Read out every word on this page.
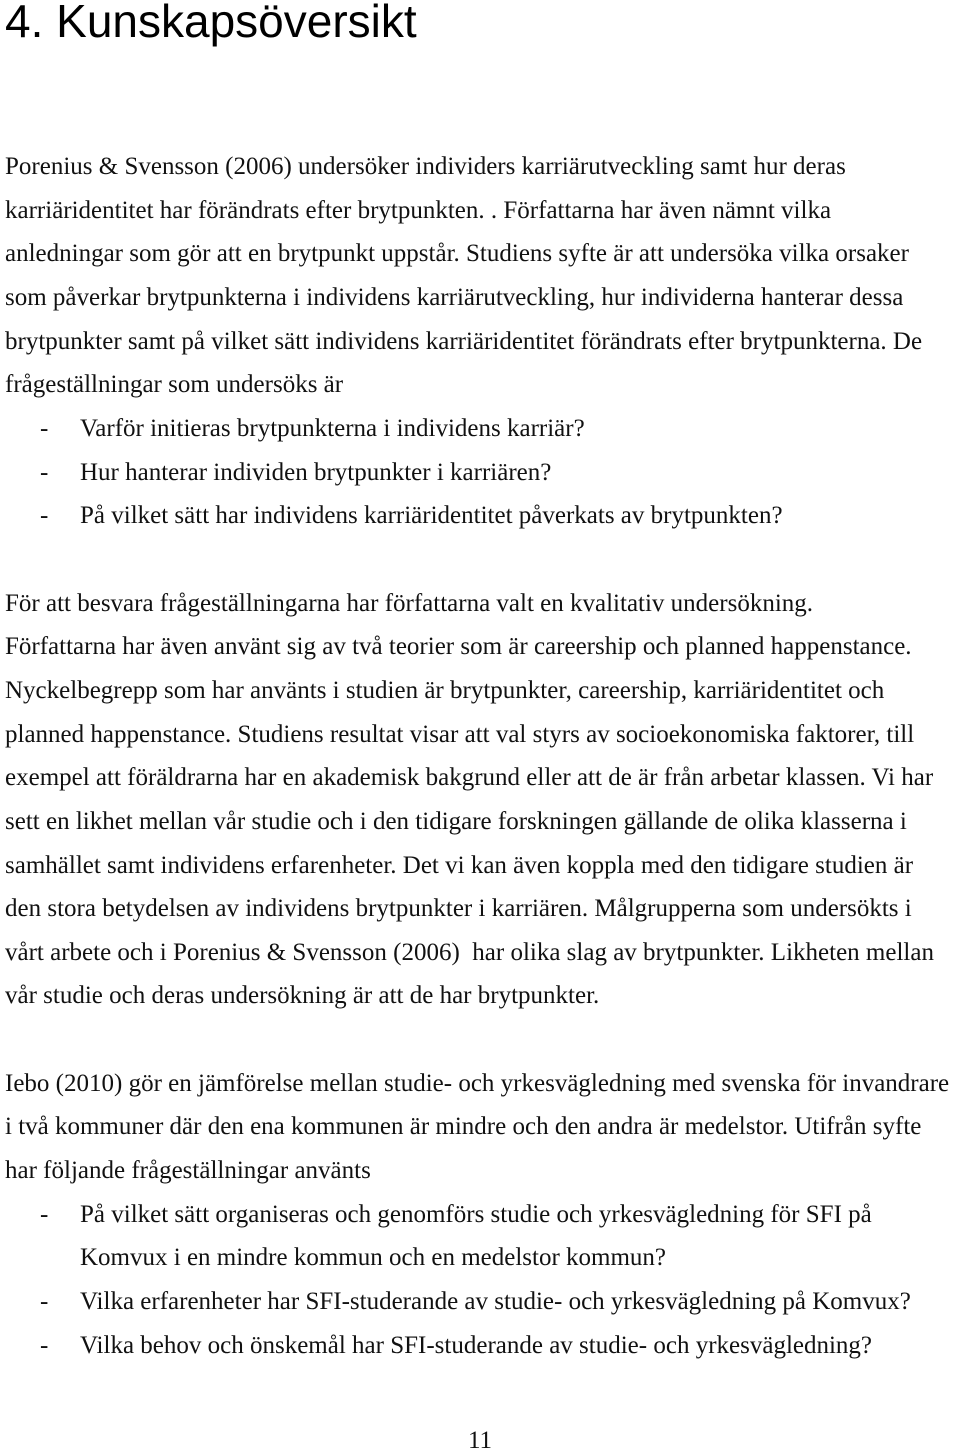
4. Kunskapsöversikt
Porenius & Svensson (2006) undersöker individers karriärutveckling samt hur deras
karriäridentitet har förändrats efter brytpunkten. . Författarna har även nämnt vilka
anledningar som gör att en brytpunkt uppstår. Studiens syfte är att undersöka vilka orsaker
som påverkar brytpunkterna i individens karriärutveckling, hur individerna hanterar dessa
brytpunkter samt på vilket sätt individens karriäridentitet förändrats efter brytpunkterna. De
frågeställningar som undersöks är
- Varför initieras brytpunkterna i individens karriär?
- Hur hanterar individen brytpunkter i karriären?
- På vilket sätt har individens karriäridentitet påverkats av brytpunkten?
För att besvara frågeställningarna har författarna valt en kvalitativ undersökning.
Författarna har även använt sig av två teorier som är careership och planned happenstance.
Nyckelbegrepp som har använts i studien är brytpunkter, careership, karriäridentitet och
planned happenstance. Studiens resultat visar att val styrs av socioekonomiska faktorer, till
exempel att föräldrarna har en akademisk bakgrund eller att de är från arbetar klassen. Vi har
sett en likhet mellan vår studie och i den tidigare forskningen gällande de olika klasserna i
samhället samt individens erfarenheter. Det vi kan även koppla med den tidigare studien är
den stora betydelsen av individens brytpunkter i karriären. Målgrupperna som undersökts i
vårt arbete och i Porenius & Svensson (2006)  har olika slag av brytpunkter. Likheten mellan
vår studie och deras undersökning är att de har brytpunkter.
Iebo (2010) gör en jämförelse mellan studie- och yrkesvägledning med svenska för invandrare
i två kommuner där den ena kommunen är mindre och den andra är medelstor. Utifrån syfte
har följande frågeställningar använts
- På vilket sätt organiseras och genomförs studie och yrkesvägledning för SFI på
Komvux i en mindre kommun och en medelstor kommun?
- Vilka erfarenheter har SFI-studerande av studie- och yrkesvägledning på Komvux?
- Vilka behov och önskemål har SFI-studerande av studie- och yrkesvägledning?
11
